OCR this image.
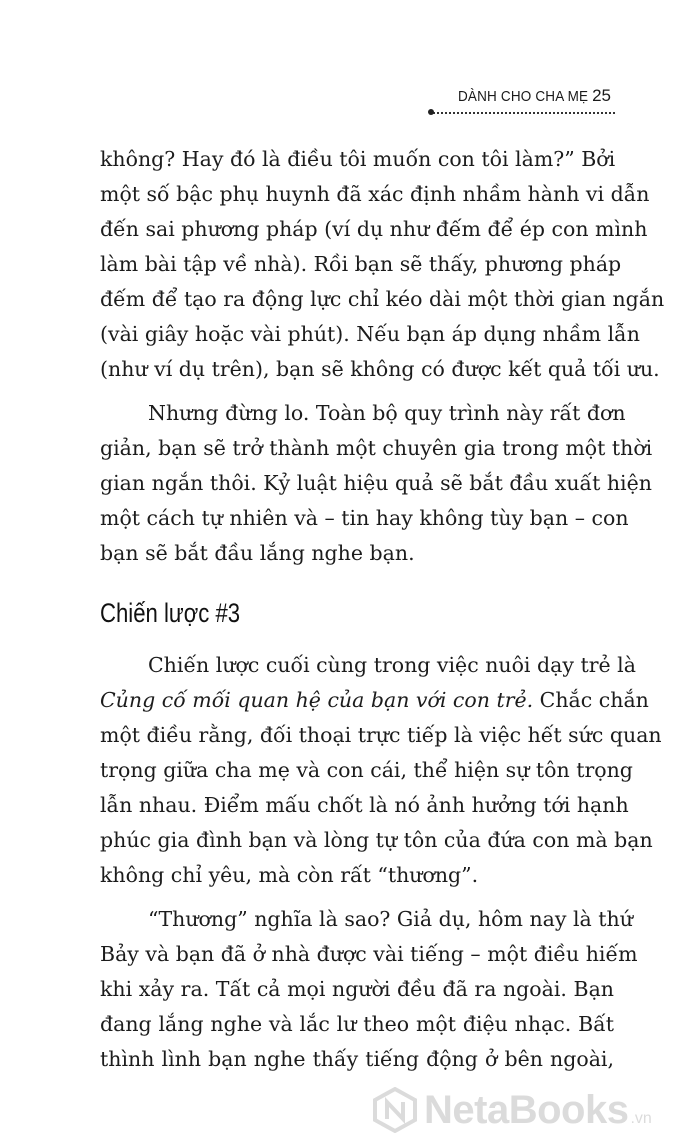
DÀNH CHO CHA MẸ 25
không? Hay đó là điều tôi muốn con tôi làm?” Bởi
một số bậc phụ huynh đã xác định nhầm hành vi dẫn
đến sai phương pháp (ví dụ như đếm để ép con mình
làm bài tập về nhà). Rồi bạn sẽ thấy, phương pháp
đếm để tạo ra động lực chỉ kéo dài một thời gian ngắn
(vài giây hoặc vài phút). Nếu bạn áp dụng nhầm lẫn
(như ví dụ trên), bạn sẽ không có được kết quả tối ưu.
Nhưng đừng lo. Toàn bộ quy trình này rất đơn
giản, bạn sẽ trở thành một chuyên gia trong một thời
gian ngắn thôi. Kỷ luật hiệu quả sẽ bắt đầu xuất hiện
một cách tự nhiên và – tin hay không tùy bạn – con
bạn sẽ bắt đầu lắng nghe bạn.
Chiến lược #3
Chiến lược cuối cùng trong việc nuôi dạy trẻ là
Củng cố mối quan hệ của bạn với con trẻ. Chắc chắn
một điều rằng, đối thoại trực tiếp là việc hết sức quan
trọng giữa cha mẹ và con cái, thể hiện sự tôn trọng
lẫn nhau. Điểm mấu chốt là nó ảnh hưởng tới hạnh
phúc gia đình bạn và lòng tự tôn của đứa con mà bạn
không chỉ yêu, mà còn rất “thương”.
“Thương” nghĩa là sao? Giả dụ, hôm nay là thứ
Bảy và bạn đã ở nhà được vài tiếng – một điều hiếm
khi xảy ra. Tất cả mọi người đều đã ra ngoài. Bạn
đang lắng nghe và lắc lư theo một điệu nhạc. Bất
thình lình bạn nghe thấy tiếng động ở bên ngoài,
NetaBooks .vn
